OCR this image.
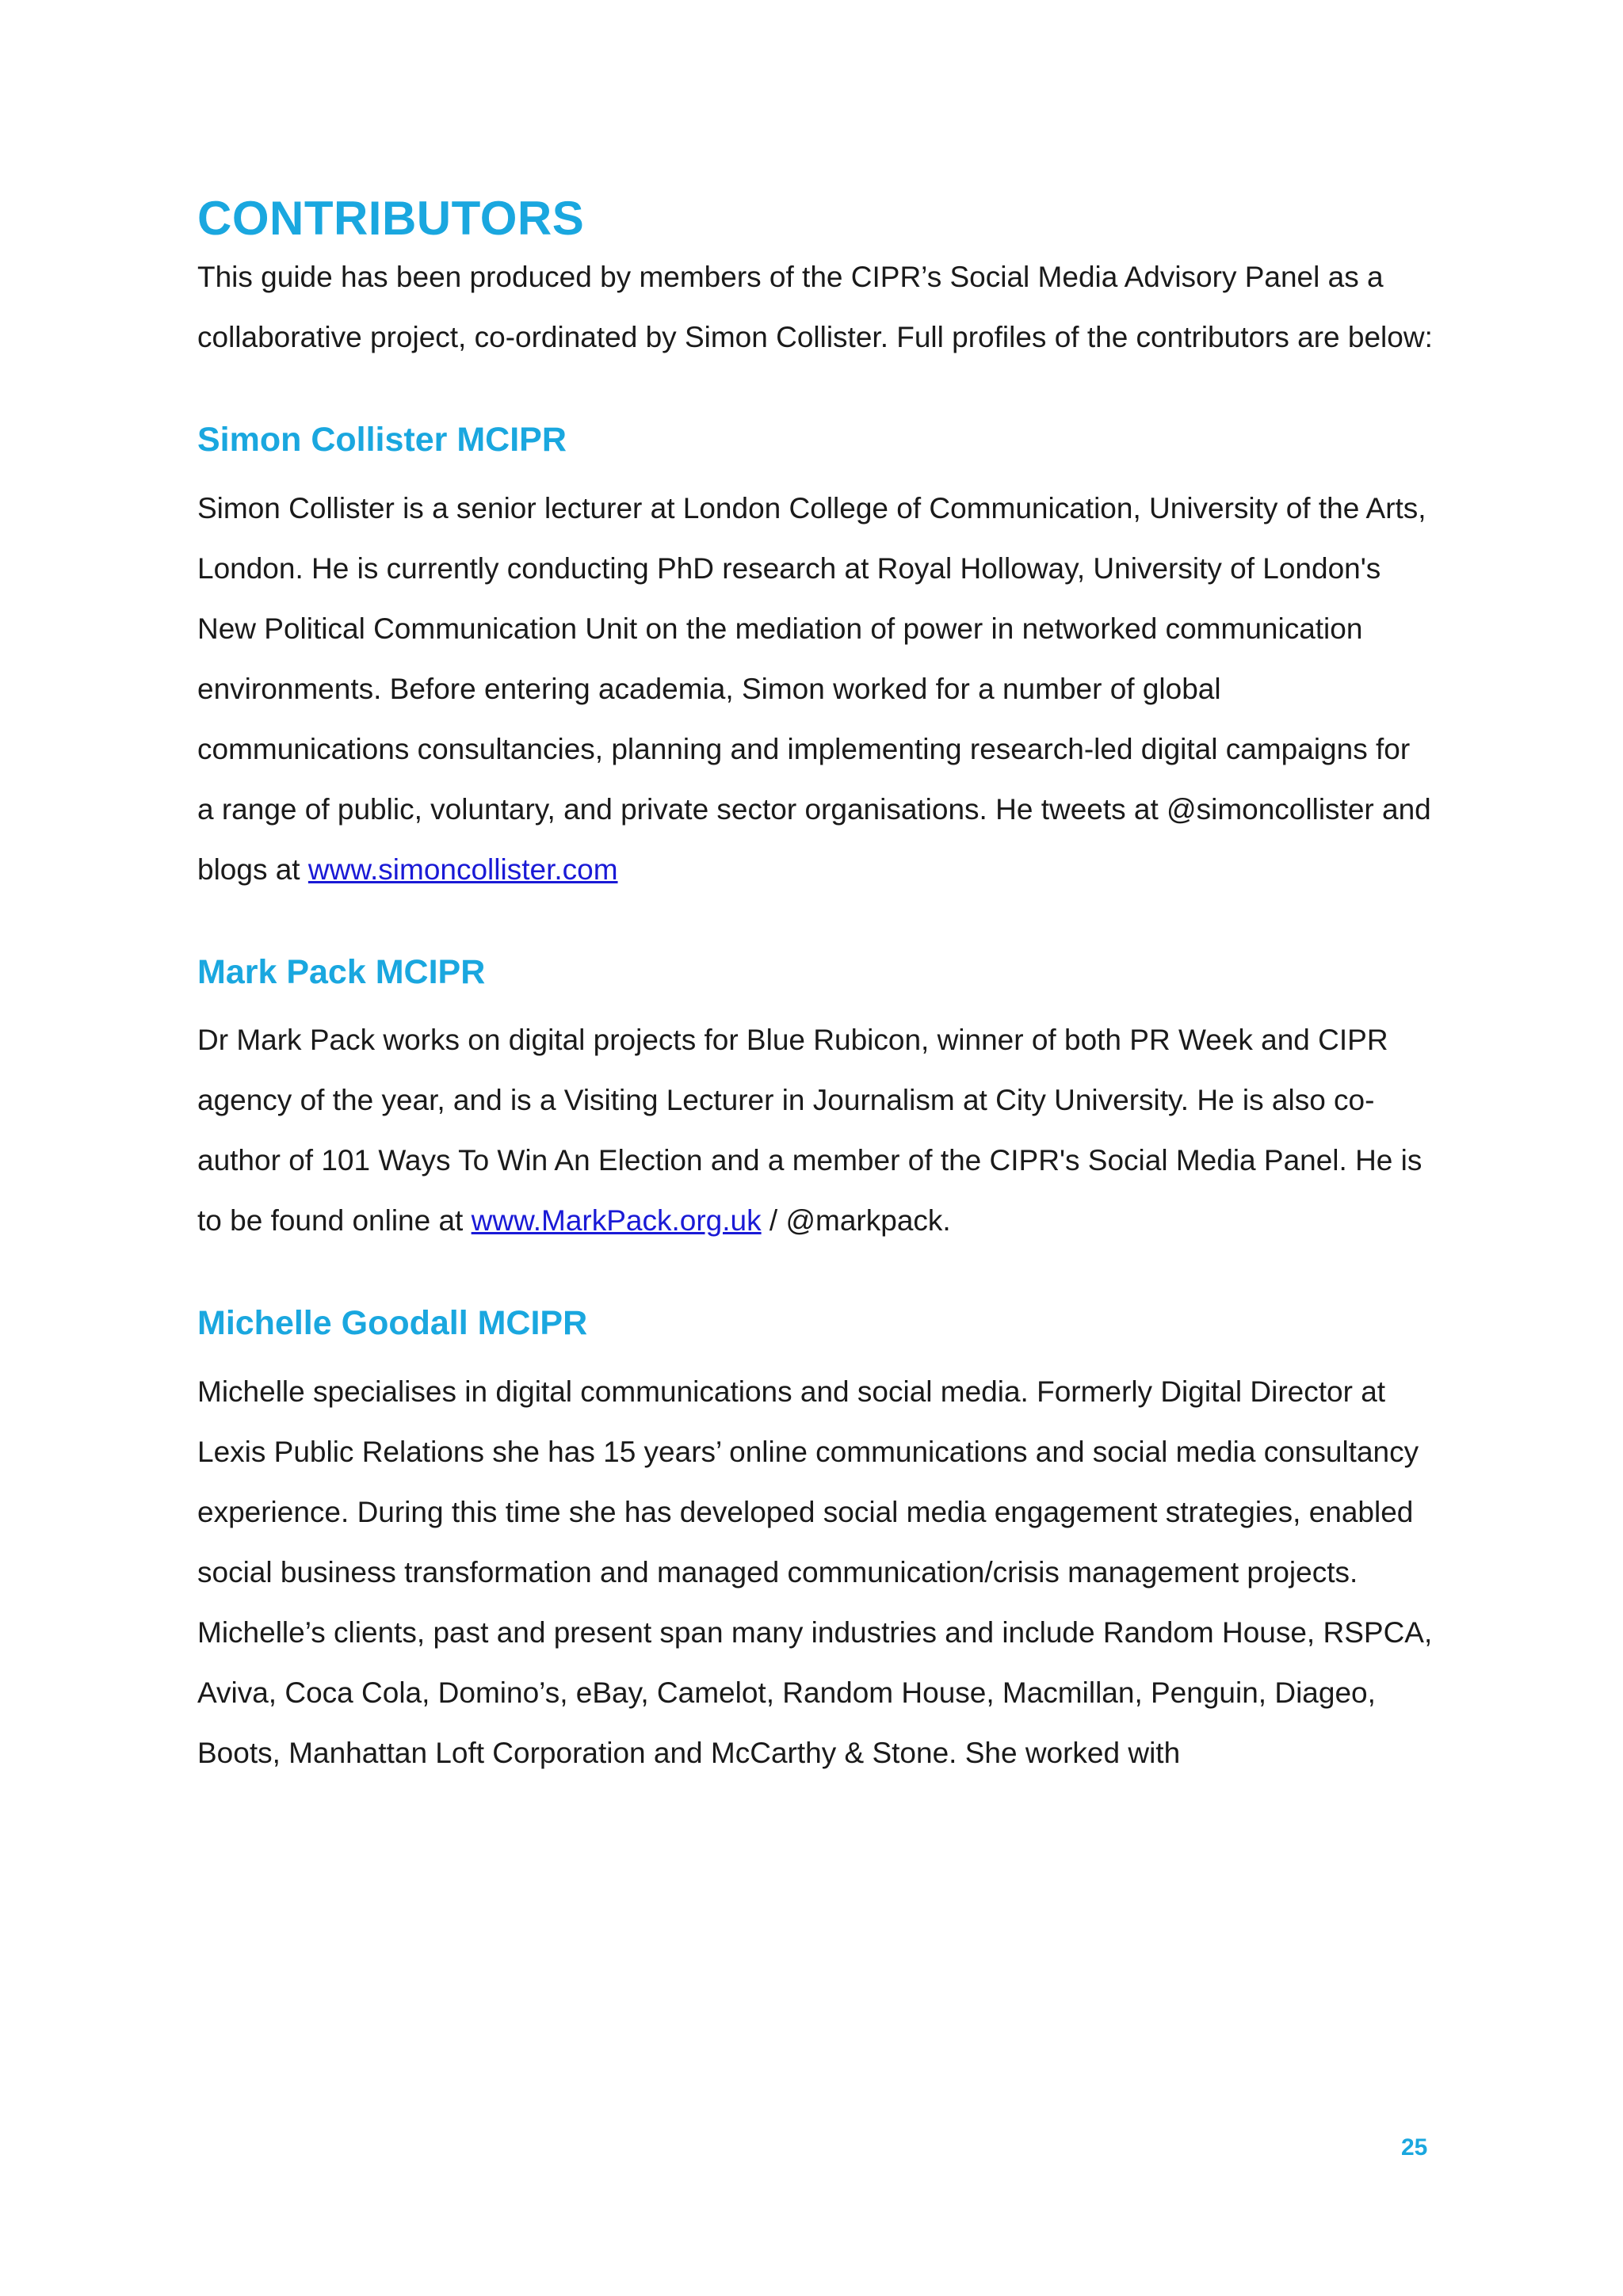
CONTRIBUTORS

This guide has been produced by members of the CIPR’s Social Media Advisory Panel as a collaborative project, co-ordinated by Simon Collister. Full profiles of the contributors are below:

Simon Collister MCIPR

Simon Collister is a senior lecturer at London College of Communication, University of the Arts, London. He is currently conducting PhD research at Royal Holloway, University of London's New Political Communication Unit on the mediation of power in networked communication environments. Before entering academia, Simon worked for a number of global communications consultancies, planning and implementing research-led digital campaigns for a range of public, voluntary, and private sector organisations. He tweets at @simoncollister and blogs at www.simoncollister.com

Mark Pack MCIPR

Dr Mark Pack works on digital projects for Blue Rubicon, winner of both PR Week and CIPR agency of the year, and is a Visiting Lecturer in Journalism at City University. He is also co-author of 101 Ways To Win An Election and a member of the CIPR's Social Media Panel. He is to be found online at www.MarkPack.org.uk / @markpack.

Michelle Goodall MCIPR

Michelle specialises in digital communications and social media. Formerly Digital Director at Lexis Public Relations she has 15 years’ online communications and social media consultancy experience. During this time she has developed social media engagement strategies, enabled social business transformation and managed communication/crisis management projects.

Michelle’s clients, past and present span many industries and include Random House, RSPCA, Aviva, Coca Cola, Domino’s, eBay, Camelot, Random House, Macmillan, Penguin, Diageo, Boots, Manhattan Loft Corporation and McCarthy & Stone. She worked with

25
